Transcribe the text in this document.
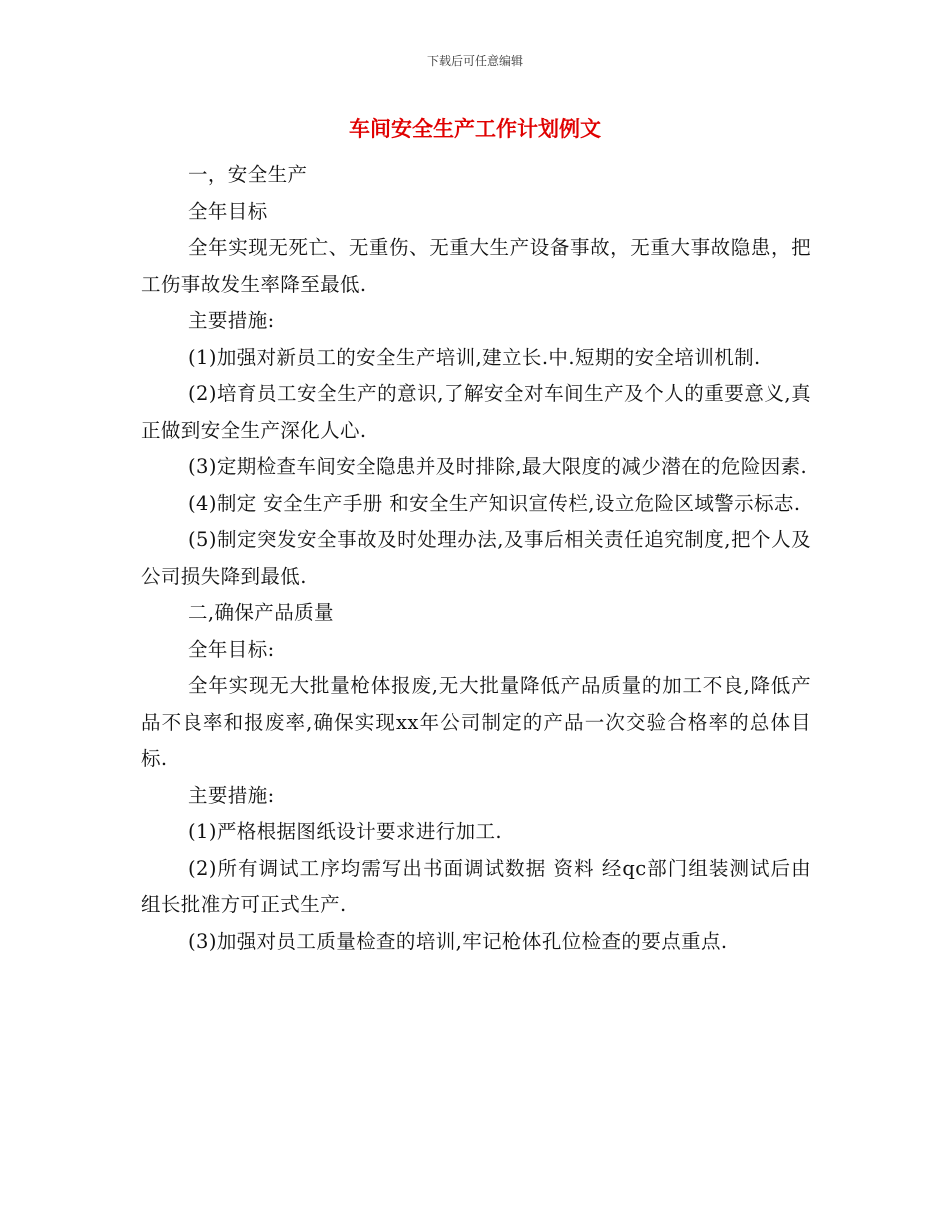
下载后可任意编辑
车间安全生产工作计划例文

一，安全生产

全年目标

全年实现无死亡、无重伤、无重大生产设备事故，无重大事故隐患，把工伤事故发生率降至最低.

主要措施:

(1)加强对新员工的安全生产培训,建立长.中.短期的安全培训机制.

(2)培育员工安全生产的意识,了解安全对车间生产及个人的重要意义,真正做到安全生产深化人心.

(3)定期检查车间安全隐患并及时排除,最大限度的减少潜在的危险因素.

(4)制定 安全生产手册 和安全生产知识宣传栏,设立危险区域警示标志.

(5)制定突发安全事故及时处理办法,及事后相关责任追究制度,把个人及公司损失降到最低.

二,确保产品质量

全年目标:

全年实现无大批量枪体报废,无大批量降低产品质量的加工不良,降低产品不良率和报废率,确保实现xx年公司制定的产品一次交验合格率的总体目标.

主要措施:

(1)严格根据图纸设计要求进行加工.

(2)所有调试工序均需写出书面调试数据 资料 经qc部门组装测试后由组长批准方可正式生产.

(3)加强对员工质量检查的培训,牢记枪体孔位检查的要点重点.
